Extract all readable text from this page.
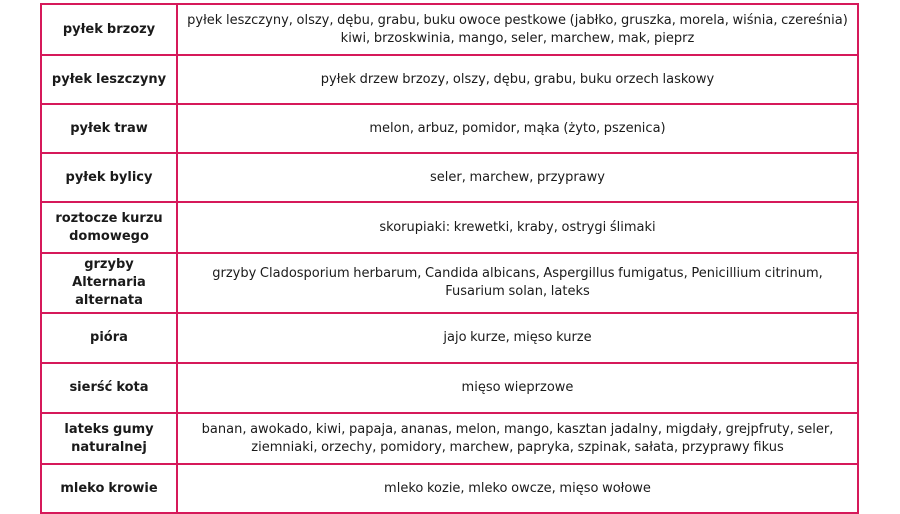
pyłek brzozy	pyłek leszczyny, olszy, dębu, grabu, buku owoce pestkowe (jabłko, gruszka, morela, wiśnia, czereśnia) kiwi, brzoskwinia, mango, seler, marchew, mak, pieprz
pyłek leszczyny	pyłek drzew brzozy, olszy, dębu, grabu, buku orzech laskowy
pyłek traw	melon, arbuz, pomidor, mąka (żyto, pszenica)
pyłek bylicy	seler, marchew, przyprawy
roztocze kurzu domowego	skorupiaki: krewetki, kraby, ostrygi ślimaki
grzyby Alternaria alternata	grzyby Cladosporium herbarum, Candida albicans, Aspergillus fumigatus, Penicillium citrinum, Fusarium solan, lateks
pióra	jajo kurze, mięso kurze
sierść kota	mięso wieprzowe
lateks gumy naturalnej	banan, awokado, kiwi, papaja, ananas, melon, mango, kasztan jadalny, migdały, grejpfruty, seler, ziemniaki, orzechy, pomidory, marchew, papryka, szpinak, sałata, przyprawy fikus
mleko krowie	mleko kozie, mleko owcze, mięso wołowe
